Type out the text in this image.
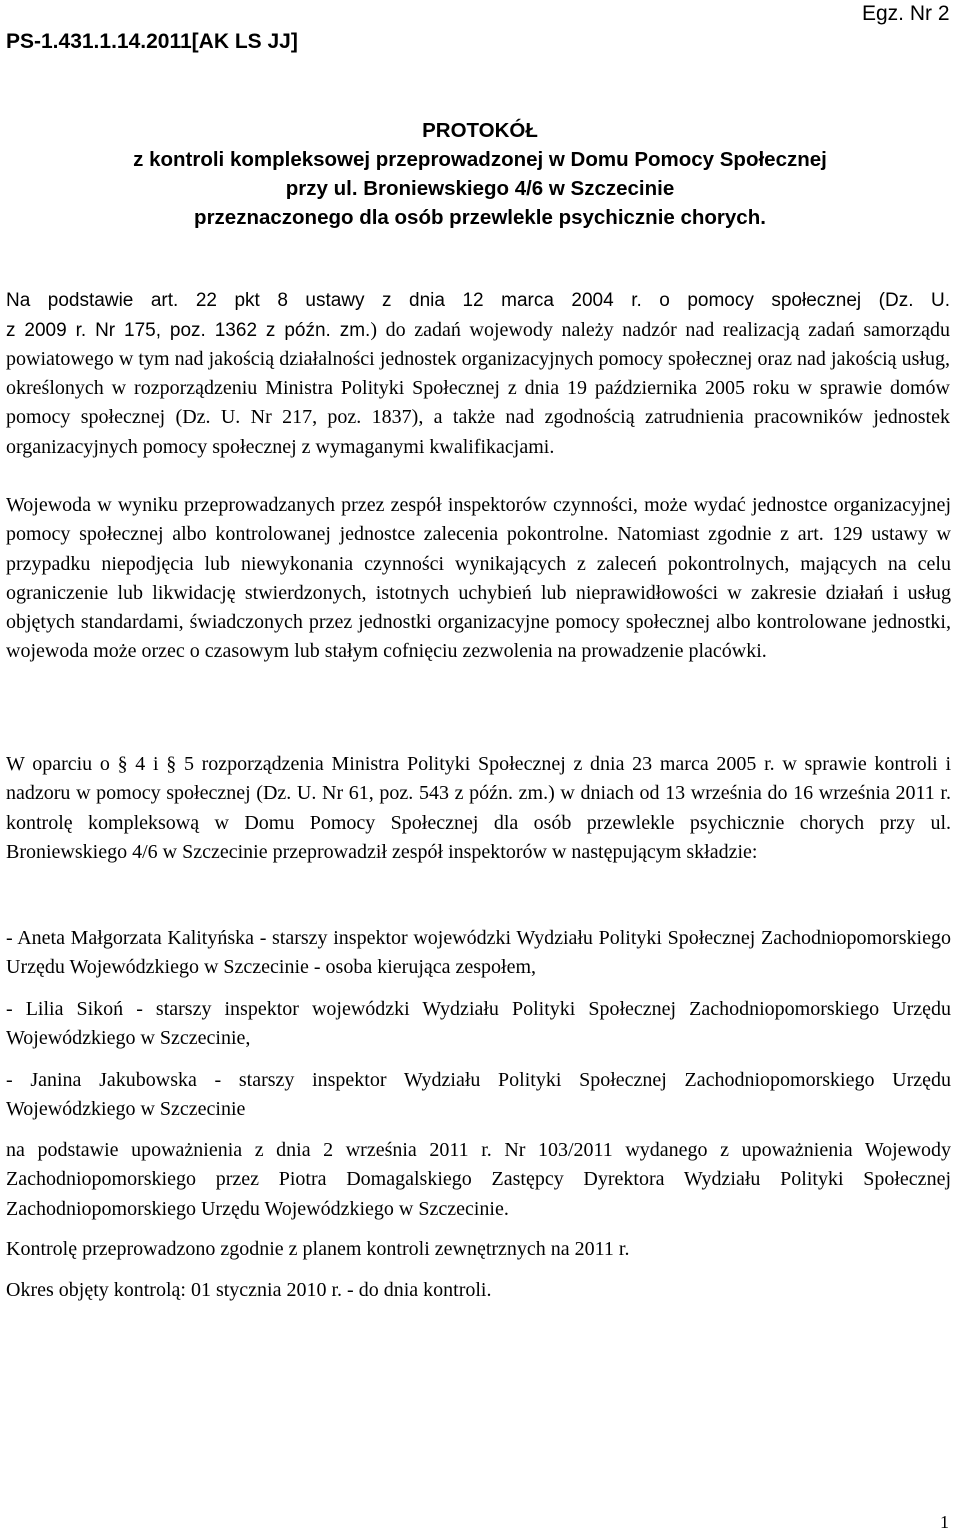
PS-1.431.1.14.2011[AK LS JJ]
Egz. Nr 2
PROTOKÓŁ
z kontroli kompleksowej przeprowadzonej w Domu Pomocy Społecznej
przy ul. Broniewskiego 4/6 w Szczecinie
przeznaczonego dla osób przewlekle psychicznie chorych.
Na podstawie art. 22 pkt 8 ustawy z dnia 12 marca 2004 r. o pomocy społecznej (Dz. U.
z 2009 r. Nr 175, poz. 1362 z późn. zm.) do zadań wojewody należy nadzór nad realizacją zadań samorządu powiatowego w tym nad jakością działalności jednostek organizacyjnych pomocy społecznej oraz nad jakością usług, określonych w rozporządzeniu Ministra Polityki Społecznej z dnia 19 października 2005 roku w sprawie domów pomocy społecznej (Dz. U. Nr 217, poz. 1837), a także nad zgodnością zatrudnienia pracowników jednostek organizacyjnych pomocy społecznej z wymaganymi kwalifikacjami.
Wojewoda w wyniku przeprowadzanych przez zespół inspektorów czynności, może wydać jednostce organizacyjnej pomocy społecznej albo kontrolowanej jednostce zalecenia pokontrolne. Natomiast zgodnie z art. 129 ustawy w przypadku niepodjęcia lub niewykonania czynności wynikających z zaleceń pokontrolnych, mających na celu ograniczenie lub likwidację stwierdzonych, istotnych uchybień lub nieprawidłowości w zakresie działań i usług objętych standardami, świadczonych przez jednostki organizacyjne pomocy społecznej albo kontrolowane jednostki, wojewoda może orzec o czasowym lub stałym cofnięciu zezwolenia na prowadzenie placówki.
W oparciu o § 4 i § 5 rozporządzenia Ministra Polityki Społecznej z dnia 23 marca 2005 r. w sprawie kontroli i nadzoru w pomocy społecznej (Dz. U. Nr 61, poz. 543 z późn. zm.) w dniach od 13 września do 16 września 2011 r. kontrolę kompleksową w Domu Pomocy Społecznej dla osób przewlekle psychicznie chorych przy ul. Broniewskiego 4/6 w Szczecinie przeprowadził zespół inspektorów w następującym składzie:
- Aneta Małgorzata Kalityńska - starszy inspektor wojewódzki Wydziału Polityki Społecznej Zachodniopomorskiego Urzędu Wojewódzkiego w Szczecinie - osoba kierująca zespołem,
- Lilia Sikoń - starszy inspektor wojewódzki Wydziału Polityki Społecznej Zachodniopomorskiego Urzędu Wojewódzkiego w Szczecinie,
- Janina Jakubowska - starszy inspektor Wydziału Polityki Społecznej Zachodniopomorskiego Urzędu Wojewódzkiego w Szczecinie
na podstawie upoważnienia z dnia 2 września 2011 r. Nr 103/2011 wydanego z upoważnienia Wojewody Zachodniopomorskiego przez Piotra Domagalskiego Zastępcy Dyrektora Wydziału Polityki Społecznej Zachodniopomorskiego Urzędu Wojewódzkiego w Szczecinie.
Kontrolę przeprowadzono zgodnie z planem kontroli zewnętrznych na 2011 r.
Okres objęty kontrolą: 01 stycznia 2010 r. - do dnia kontroli.
1
